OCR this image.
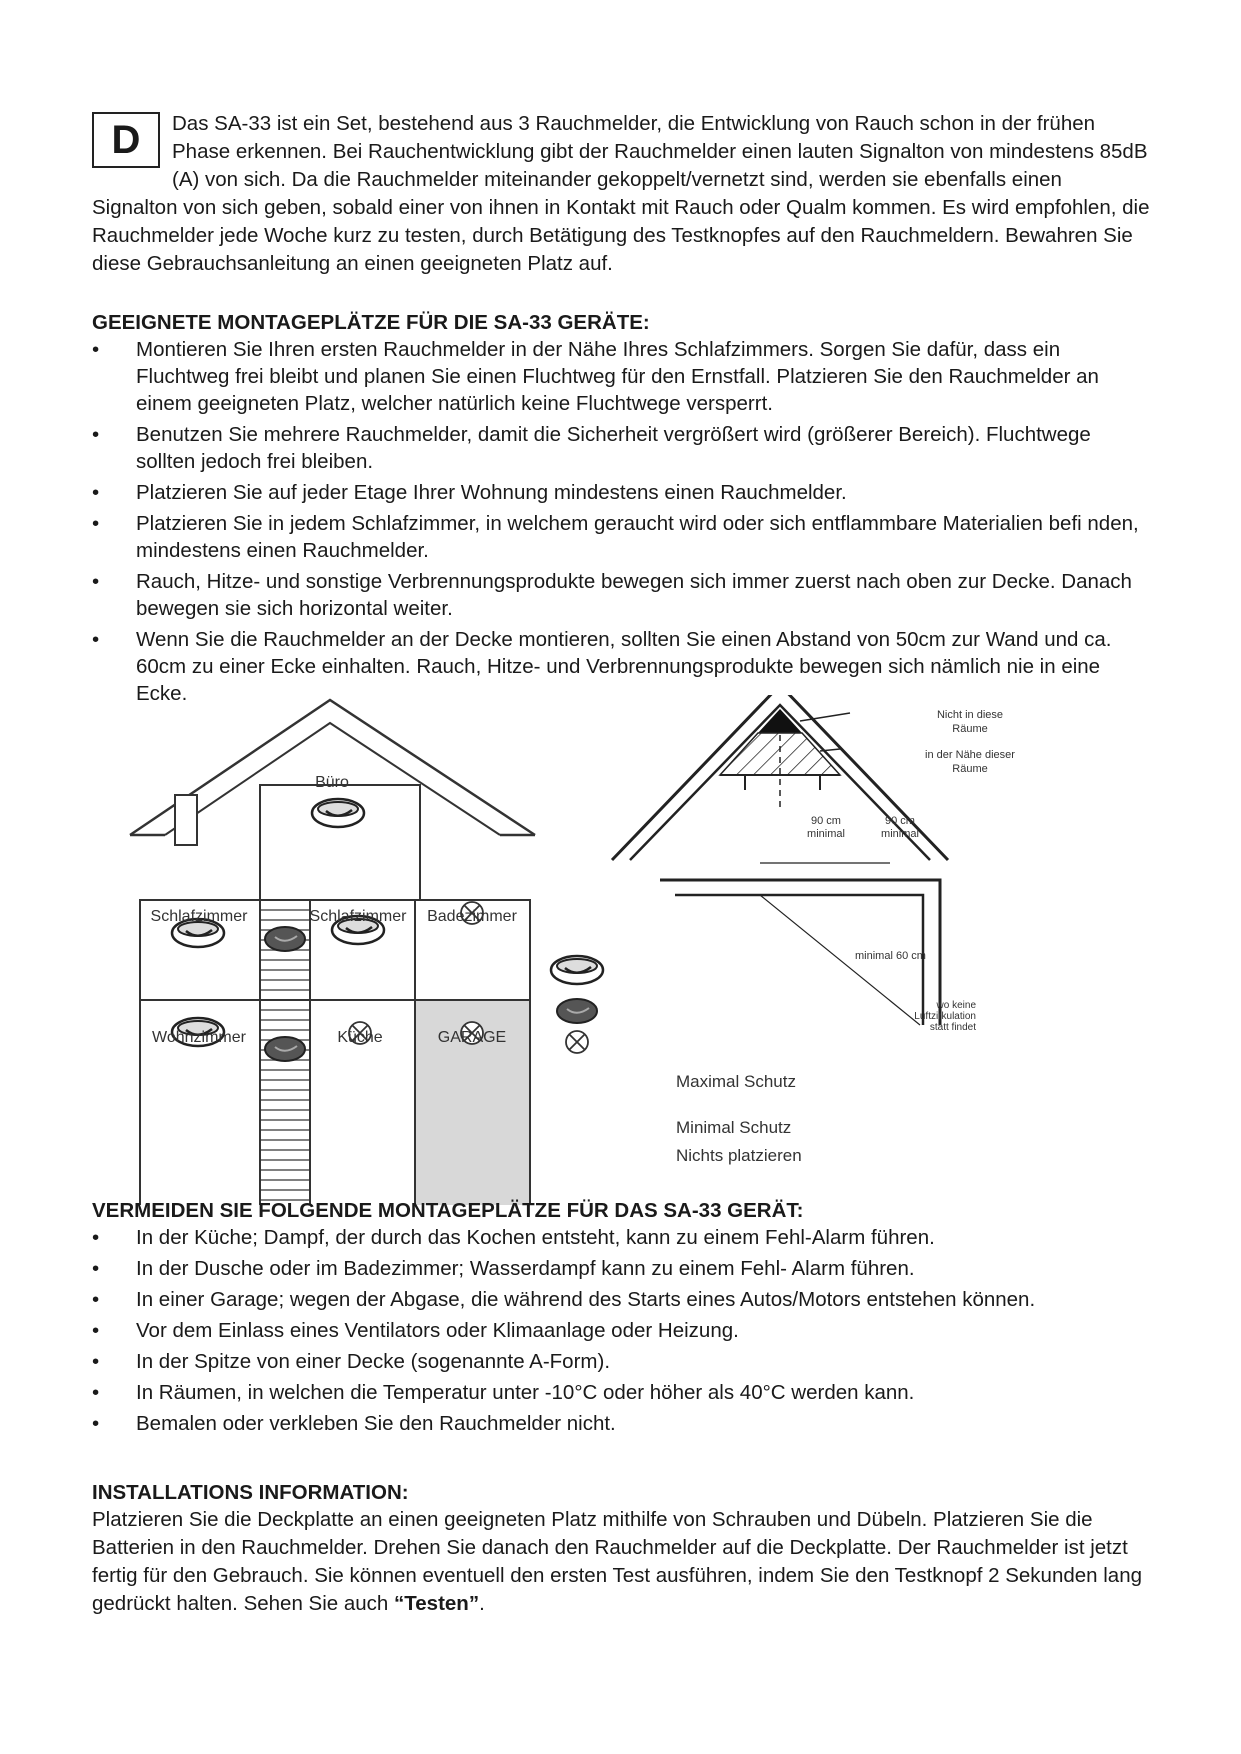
D	Das SA-33 ist ein Set, bestehend aus 3 Rauchmelder, die Entwicklung von Rauch schon in der frühen Phase erkennen. Bei Rauchentwicklung gibt der Rauchmelder einen lauten Signalton von mindestens 85dB (A) von sich. Da die Rauchmelder miteinander gekoppelt/vernetzt sind, werden sie ebenfalls einen Signalton von sich geben, sobald einer von ihnen in Kontakt mit Rauch oder Qualm kommen. Es wird empfohlen, die Rauchmelder jede Woche kurz zu testen, durch Betätigung des Testknopfes auf den Rauchmeldern. Bewahren Sie diese Gebrauchsanleitung an einen geeigneten Platz auf.
GEEIGNETE MONTAGEPLÄTZE FÜR DIE SA-33 GERÄTE:
• Montieren Sie Ihren ersten Rauchmelder in der Nähe Ihres Schlafzimmers. Sorgen Sie dafür, dass ein Fluchtweg frei bleibt und planen Sie einen Fluchtweg für den Ernstfall. Platzieren Sie den Rauchmelder an einem geeigneten Platz, welcher natürlich keine Fluchtwege versperrt.
• Benutzen Sie mehrere Rauchmelder, damit die Sicherheit vergrößert wird (größerer Bereich). Fluchtwege sollten jedoch frei bleiben.
• Platzieren Sie auf jeder Etage Ihrer Wohnung mindestens einen Rauchmelder.
• Platzieren Sie in jedem Schlafzimmer, in welchem geraucht wird oder sich entflammbare Materialien befi nden, mindestens einen Rauchmelder.
• Rauch, Hitze- und sonstige Verbrennungsprodukte bewegen sich immer zuerst nach oben zur Decke. Danach bewegen sie sich horizontal weiter.
• Wenn Sie die Rauchmelder an der Decke montieren, sollten Sie einen Abstand von 50cm zur Wand und ca. 60cm zu einer Ecke einhalten. Rauch, Hitze- und Verbrennungsprodukte bewegen sich nämlich nie in eine Ecke.
Büro
Schlafzimmer	Schlafzimmer Badezimmer
Wohnzimmer	Küche	GARAGE
Nicht in diese Räume
in der Nähe dieser Räume
90 cm
minimal
90 cm
minimal
minimal 60 cm
wo keine
Luftzirkulation
statt findet
Maximal Schutz
Minimal Schutz
Nichts platzieren
VERMEIDEN SIE FOLGENDE MONTAGEPLÄTZE FÜR DAS SA-33 GERÄT:
• In der Küche; Dampf, der durch das Kochen entsteht, kann zu einem Fehl-Alarm führen.
• In der Dusche oder im Badezimmer; Wasserdampf kann zu einem Fehl- Alarm führen.
• In einer Garage; wegen der Abgase, die während des Starts eines Autos/Motors entstehen können.
• Vor dem Einlass eines Ventilators oder Klimaanlage oder Heizung.
• In der Spitze von einer Decke (sogenannte A-Form).
• In Räumen, in welchen die Temperatur unter -10°C oder höher als 40°C werden kann.
• Bemalen oder verkleben Sie den Rauchmelder nicht.
INSTALLATIONS INFORMATION:
Platzieren Sie die Deckplatte an einen geeigneten Platz mithilfe von Schrauben und Dübeln. Platzieren Sie die Batterien in den Rauchmelder. Drehen Sie danach den Rauchmelder auf die Deckplatte. Der Rauchmelder ist jetzt fertig für den Gebrauch. Sie können eventuell den ersten Test ausführen, indem Sie den Testknopf 2 Sekunden lang gedrückt halten. Sehen Sie auch “Testen”.
